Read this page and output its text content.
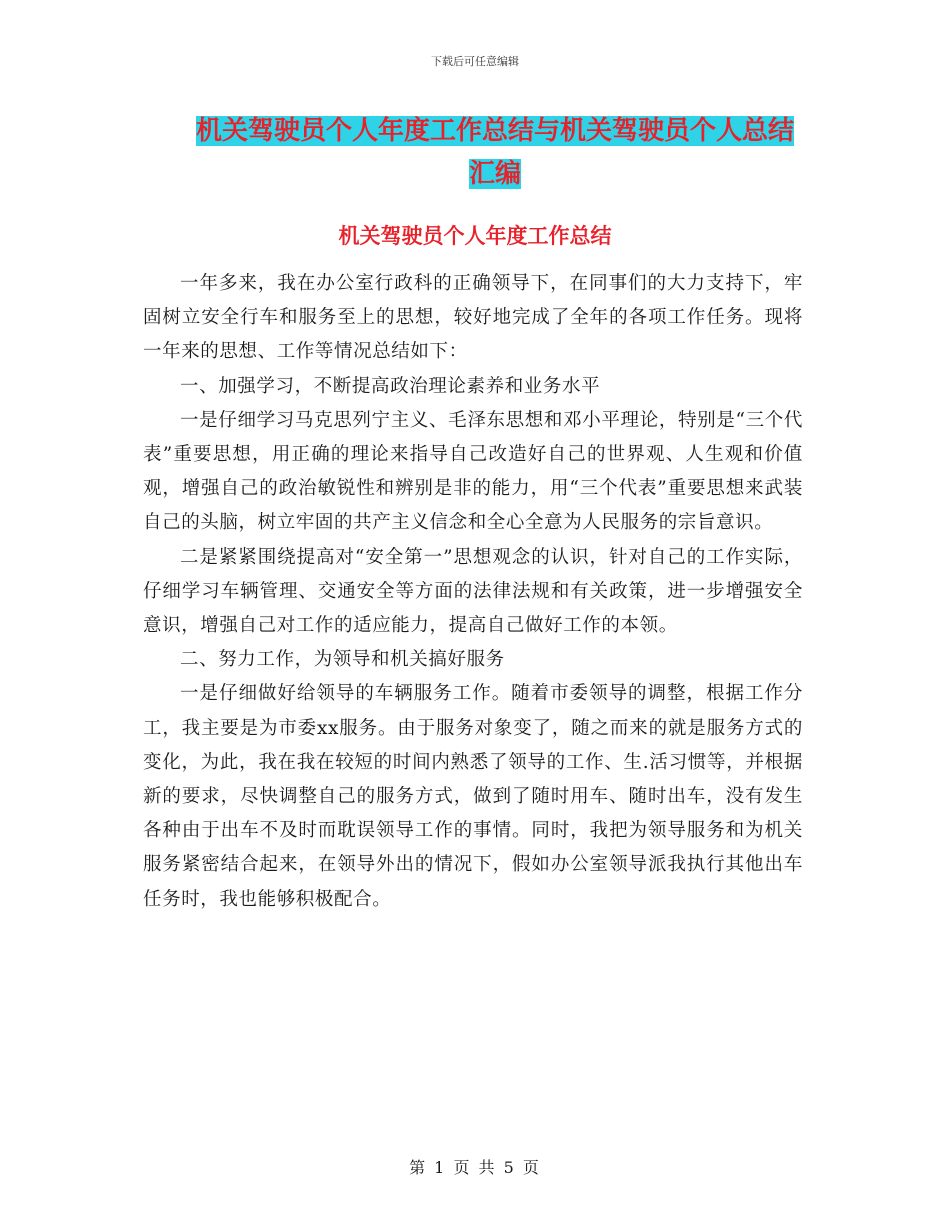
下载后可任意编辑
机关驾驶员个人年度工作总结与机关驾驶员个人总结
汇编
机关驾驶员个人年度工作总结

一年多来，我在办公室行政科的正确领导下，在同事们的大力支持下，牢固树立安全行车和服务至上的思想，较好地完成了全年的各项工作任务。现将一年来的思想、工作等情况总结如下：

一、加强学习，不断提高政治理论素养和业务水平

一是仔细学习马克思列宁主义、毛泽东思想和邓小平理论，特别是“三个代表”重要思想，用正确的理论来指导自己改造好自己的世界观、人生观和价值观，增强自己的政治敏锐性和辨别是非的能力，用“三个代表”重要思想来武装自己的头脑，树立牢固的共产主义信念和全心全意为人民服务的宗旨意识。

二是紧紧围绕提高对“安全第一”思想观念的认识，针对自己的工作实际，仔细学习车辆管理、交通安全等方面的法律法规和有关政策，进一步增强安全意识，增强自己对工作的适应能力，提高自己做好工作的本领。

二、努力工作，为领导和机关搞好服务

一是仔细做好给领导的车辆服务工作。随着市委领导的调整，根据工作分工，我主要是为市委xx服务。由于服务对象变了，随之而来的就是服务方式的变化，为此，我在我在较短的时间内熟悉了领导的工作、生.活习惯等，并根据新的要求，尽快调整自己的服务方式，做到了随时用车、随时出车，没有发生各种由于出车不及时而耽误领导工作的事情。同时，我把为领导服务和为机关服务紧密结合起来，在领导外出的情况下，假如办公室领导派我执行其他出车任务时，我也能够积极配合。

第 1 页 共 5 页
